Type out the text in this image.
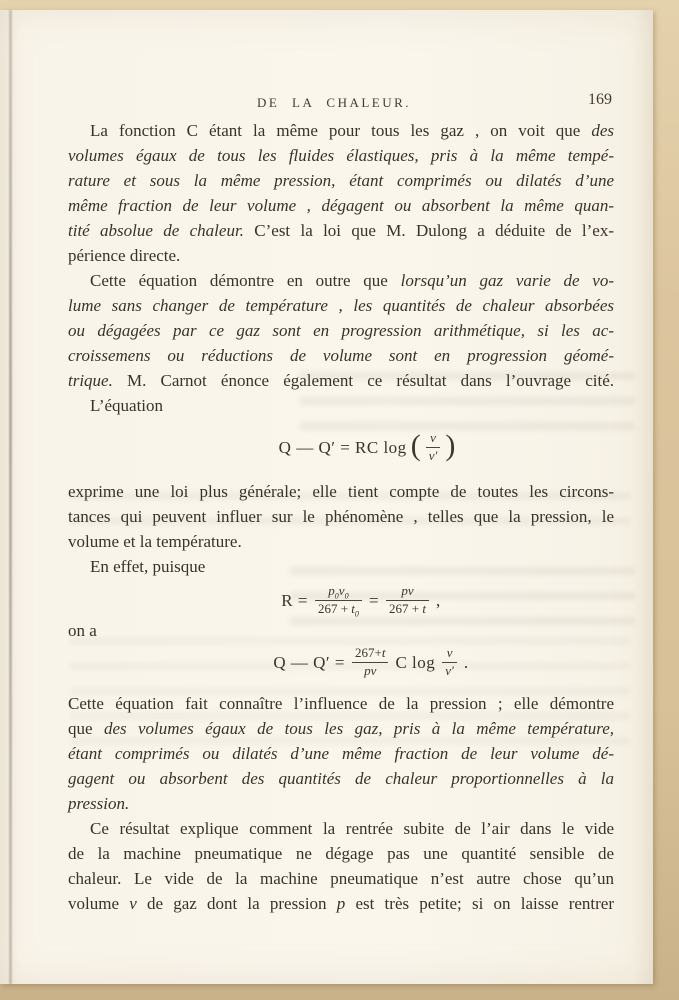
DE LA CHALEUR.	169
La fonction C étant la même pour tous les gaz , on voit que des
volumes égaux de tous les fluides élastiques, pris à la même tempé-
rature et sous la même pression, étant comprimés ou dilatés d’une
même fraction de leur volume , dégagent ou absorbent la même quan-
tité absolue de chaleur. C’est la loi que M. Dulong a déduite de l’ex-
périence directe.
Cette équation démontre en outre que lorsqu’un gaz varie de vo-
lume sans changer de température , les quantités de chaleur absorbées
ou dégagées par ce gaz sont en progression arithmétique, si les ac-
croissemens ou réductions de volume sont en progression géomé-
trique. M. Carnot énonce également ce résultat dans l’ouvrage cité.
L’équation
Q — Q′ = RC log ( $\frac{v}{v'}$ )
exprime une loi plus générale; elle tient compte de toutes les circons-
tances qui peuvent influer sur le phénomène , telles que la pression, le
volume et la température.
En effet, puisque
$R = \frac{p_0v_0}{267 + t_0} = \frac{pv}{267 + t}$ ,
on a
Q — $Q' = \frac{267+t}{pv}$ C $\log \frac{v}{v'}$ .
Cette équation fait connaître l’influence de la pression ; elle démontre
que des volumes égaux de tous les gaz, pris à la même température,
étant comprimés ou dilatés d’une même fraction de leur volume dé-
gagent ou absorbent des quantités de chaleur proportionnelles à la
pression.
Ce résultat explique comment la rentrée subite de l’air dans le vide
de la machine pneumatique ne dégage pas une quantité sensible de
chaleur. Le vide de la machine pneumatique n’est autre chose qu’un
volume v de gaz dont la pression p est très petite; si on laisse rentrer
